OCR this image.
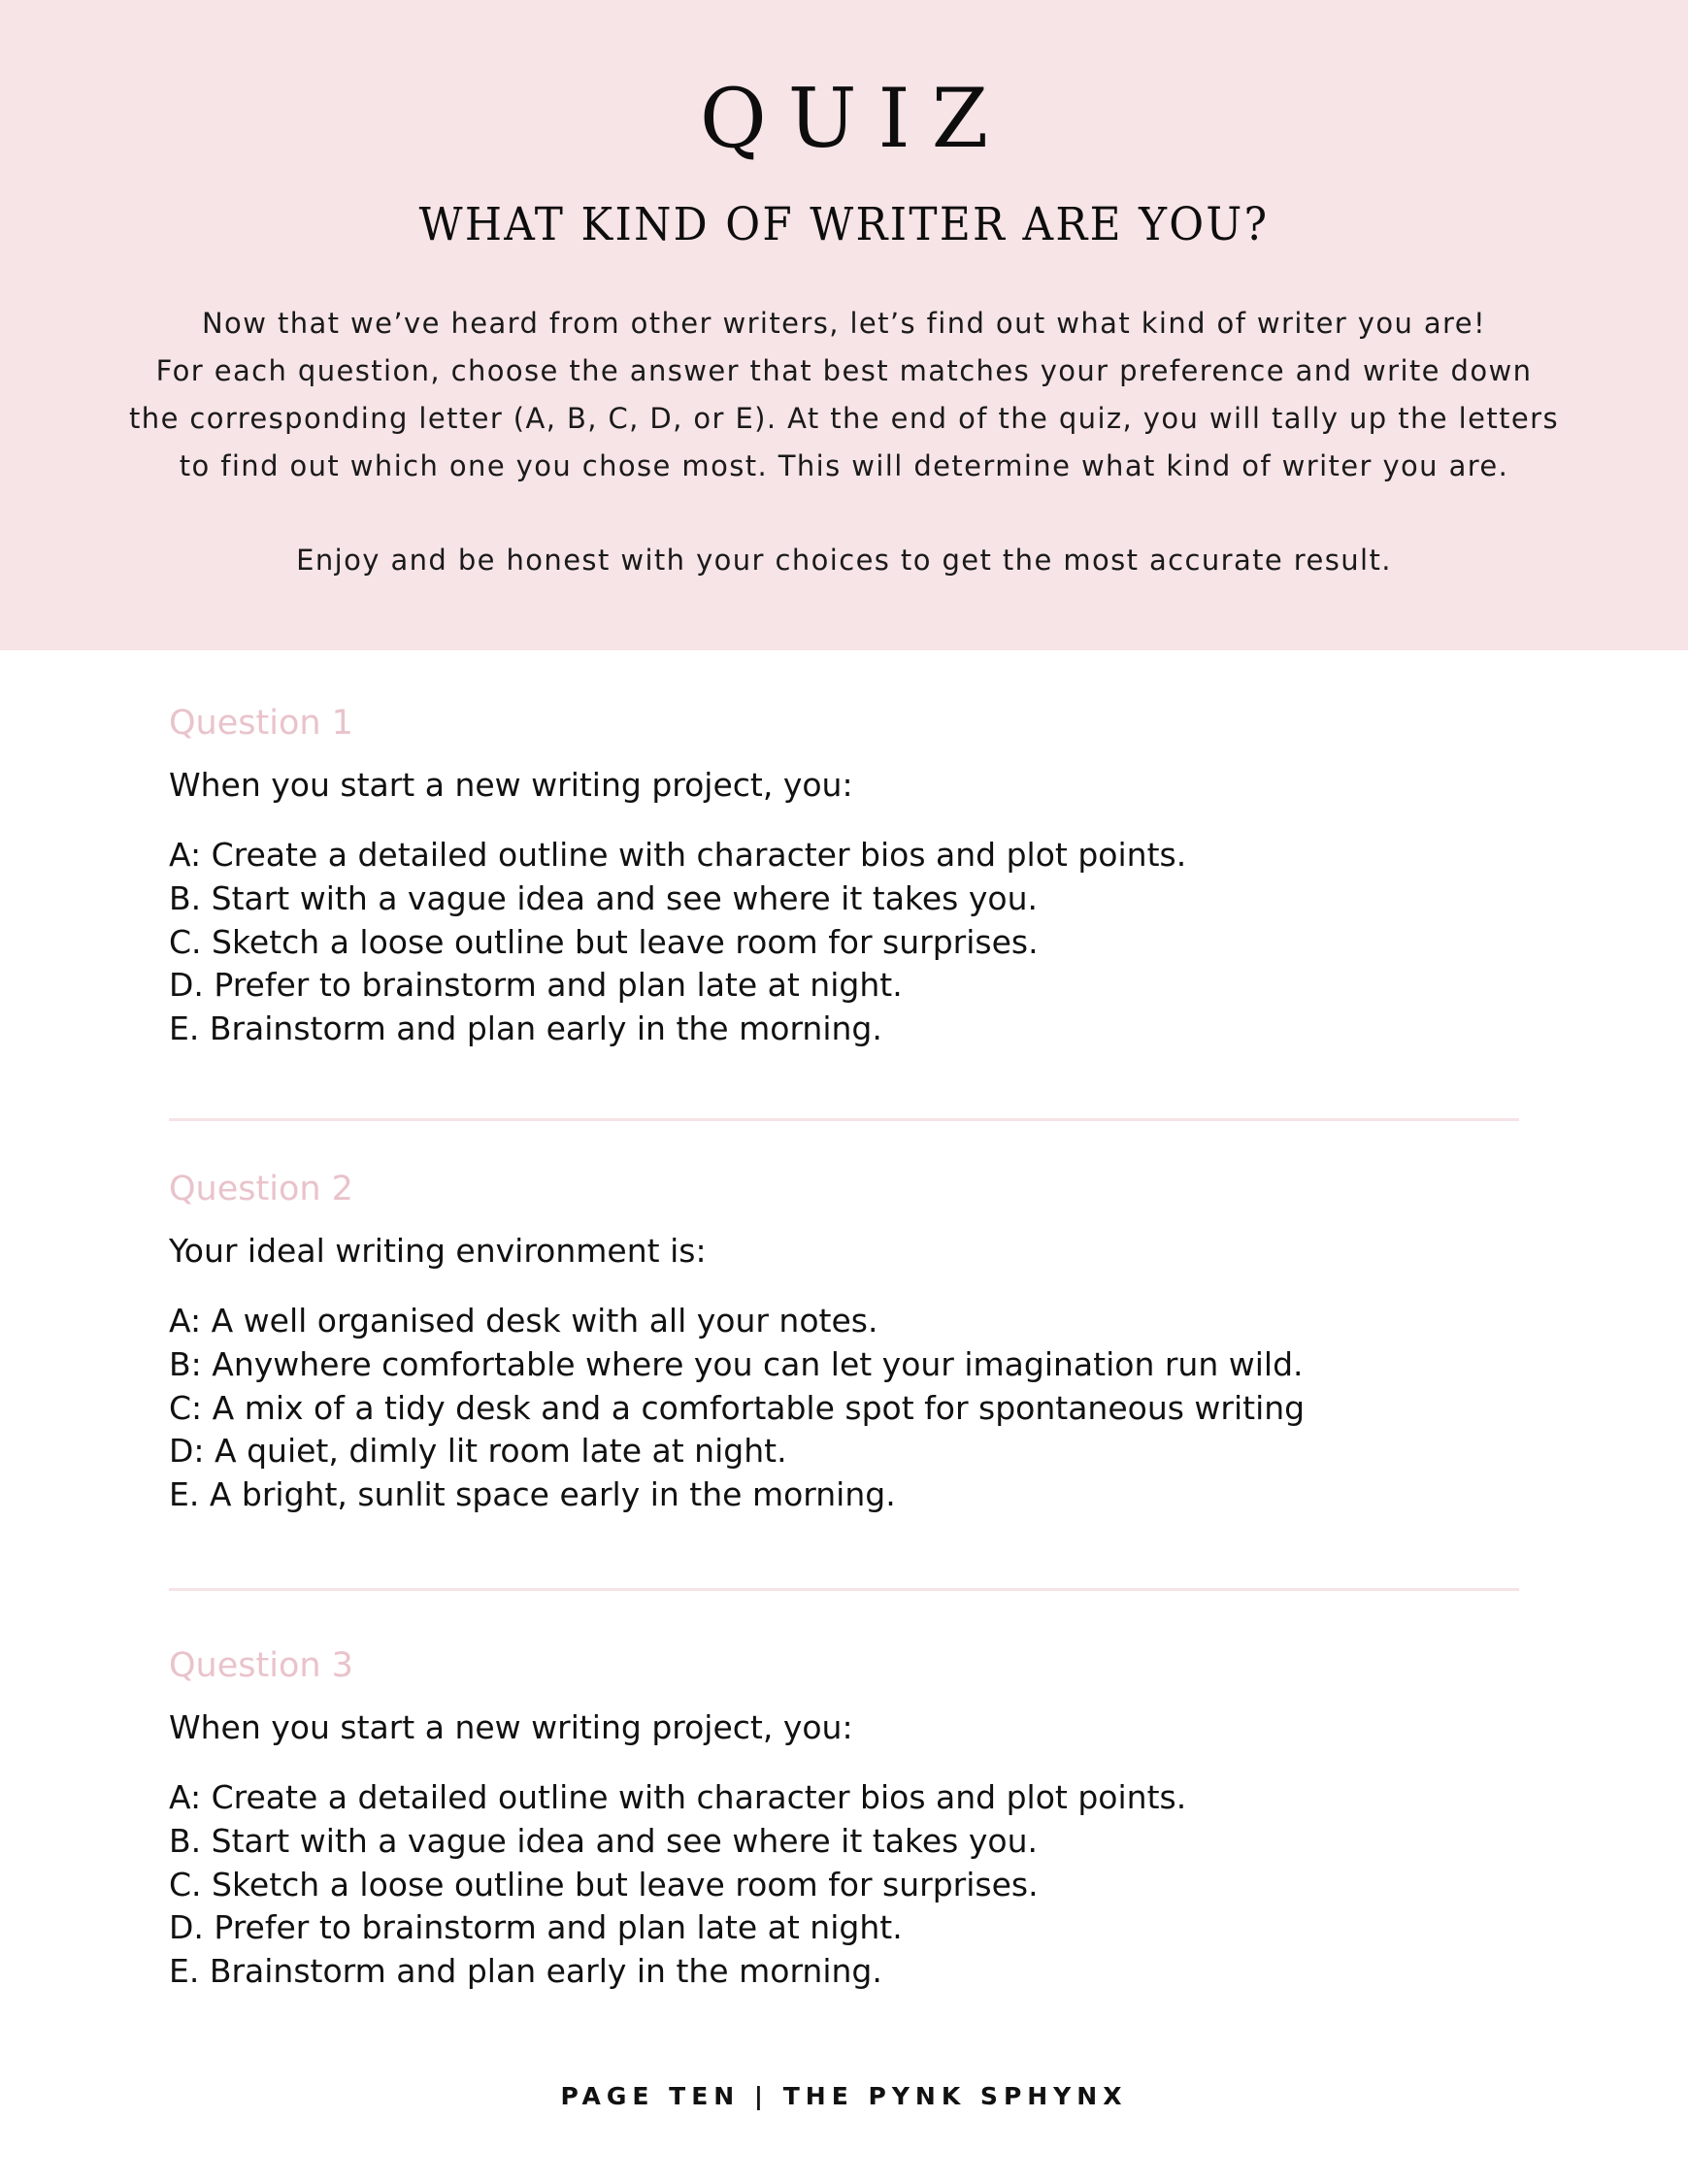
QUIZ
WHAT KIND OF WRITER ARE YOU?

Now that we’ve heard from other writers, let’s find out what kind of writer you are!
For each question, choose the answer that best matches your preference and write down
the corresponding letter (A, B, C, D, or E). At the end of the quiz, you will tally up the letters
to find out which one you chose most. This will determine what kind of writer you are.

Enjoy and be honest with your choices to get the most accurate result.

Question 1

When you start a new writing project, you:

A: Create a detailed outline with character bios and plot points.
B. Start with a vague idea and see where it takes you.
C. Sketch a loose outline but leave room for surprises.
D. Prefer to brainstorm and plan late at night.
E. Brainstorm and plan early in the morning.
Question 2

Your ideal writing environment is:

A: A well organised desk with all your notes.
B: Anywhere comfortable where you can let your imagination run wild.
C: A mix of a tidy desk and a comfortable spot for spontaneous writing
D: A quiet, dimly lit room late at night.
E. A bright, sunlit space early in the morning.
Question 3

When you start a new writing project, you:

A: Create a detailed outline with character bios and plot points.
B. Start with a vague idea and see where it takes you.
C. Sketch a loose outline but leave room for surprises.
D. Prefer to brainstorm and plan late at night.
E. Brainstorm and plan early in the morning.
PAGE TEN | THE PYNK SPHYNX
